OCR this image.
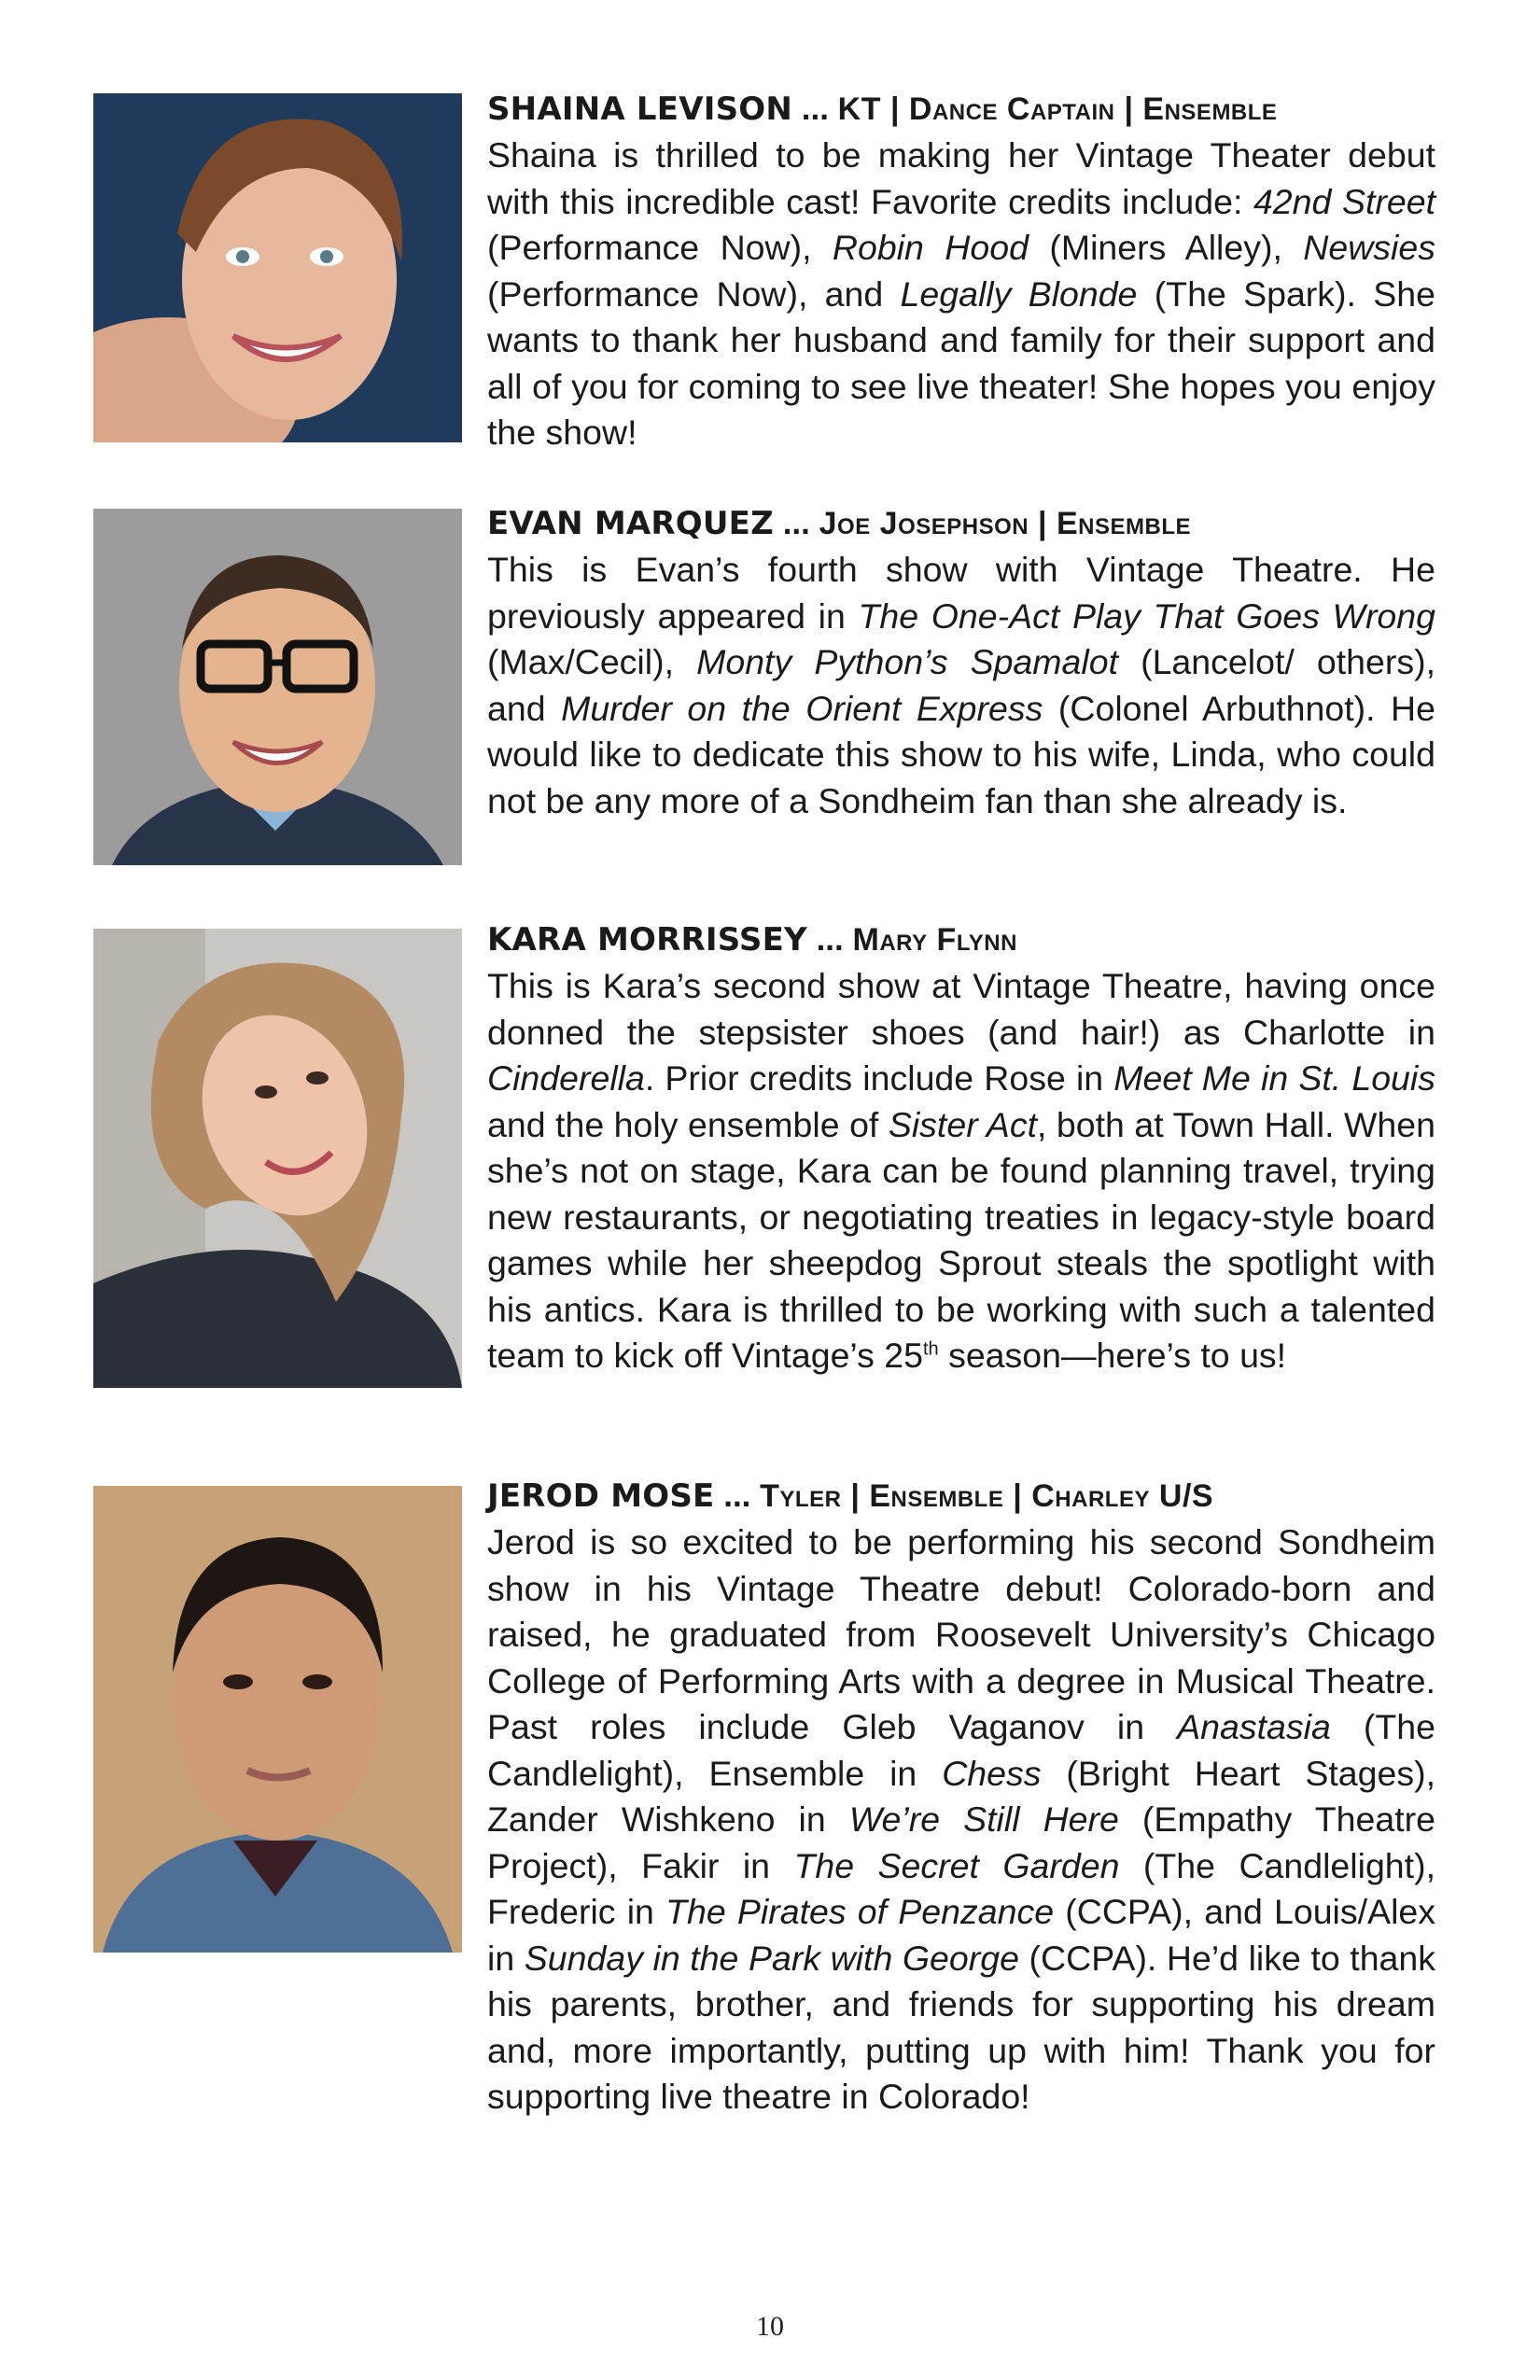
SHAINA LEVISON ... KT | Dance Captain | Ensemble
Shaina is thrilled to be making her Vintage Theater debut with this incredible cast! Favorite credits include: 42nd Street (Performance Now), Robin Hood (Miners Alley), Newsies (Performance Now), and Legally Blonde (The Spark). She wants to thank her husband and family for their support and all of you for coming to see live theater! She hopes you enjoy the show!
EVAN MARQUEZ ... Joe Josephson | Ensemble
This is Evan’s fourth show with Vintage Theatre. He previously appeared in The One-Act Play That Goes Wrong (Max/Cecil), Monty Python’s Spamalot (Lancelot/ others), and Murder on the Orient Express (Colonel Arbuthnot). He would like to dedicate this show to his wife, Linda, who could not be any more of a Sondheim fan than she already is.
KARA MORRISSEY ... Mary Flynn
This is Kara’s second show at Vintage Theatre, having once donned the stepsister shoes (and hair!) as Charlotte in Cinderella. Prior credits include Rose in Meet Me in St. Louis and the holy ensemble of Sister Act, both at Town Hall. When she’s not on stage, Kara can be found planning travel, trying new restaurants, or negotiating treaties in legacy-style board games while her sheepdog Sprout steals the spotlight with his antics. Kara is thrilled to be working with such a talented team to kick off Vintage’s 25th season—here’s to us!
JEROD MOSE ... Tyler | Ensemble | Charley U/S
Jerod is so excited to be performing his second Sondheim show in his Vintage Theatre debut! Colorado-born and raised, he graduated from Roosevelt University’s Chicago College of Performing Arts with a degree in Musical Theatre. Past roles include Gleb Vaganov in Anastasia (The Candlelight), Ensemble in Chess (Bright Heart Stages), Zander Wishkeno in We’re Still Here (Empathy Theatre Project), Fakir in The Secret Garden (The Candlelight), Frederic in The Pirates of Penzance (CCPA), and Louis/Alex in Sunday in the Park with George (CCPA). He’d like to thank his parents, brother, and friends for supporting his dream and, more importantly, putting up with him! Thank you for supporting live theatre in Colorado!
10
